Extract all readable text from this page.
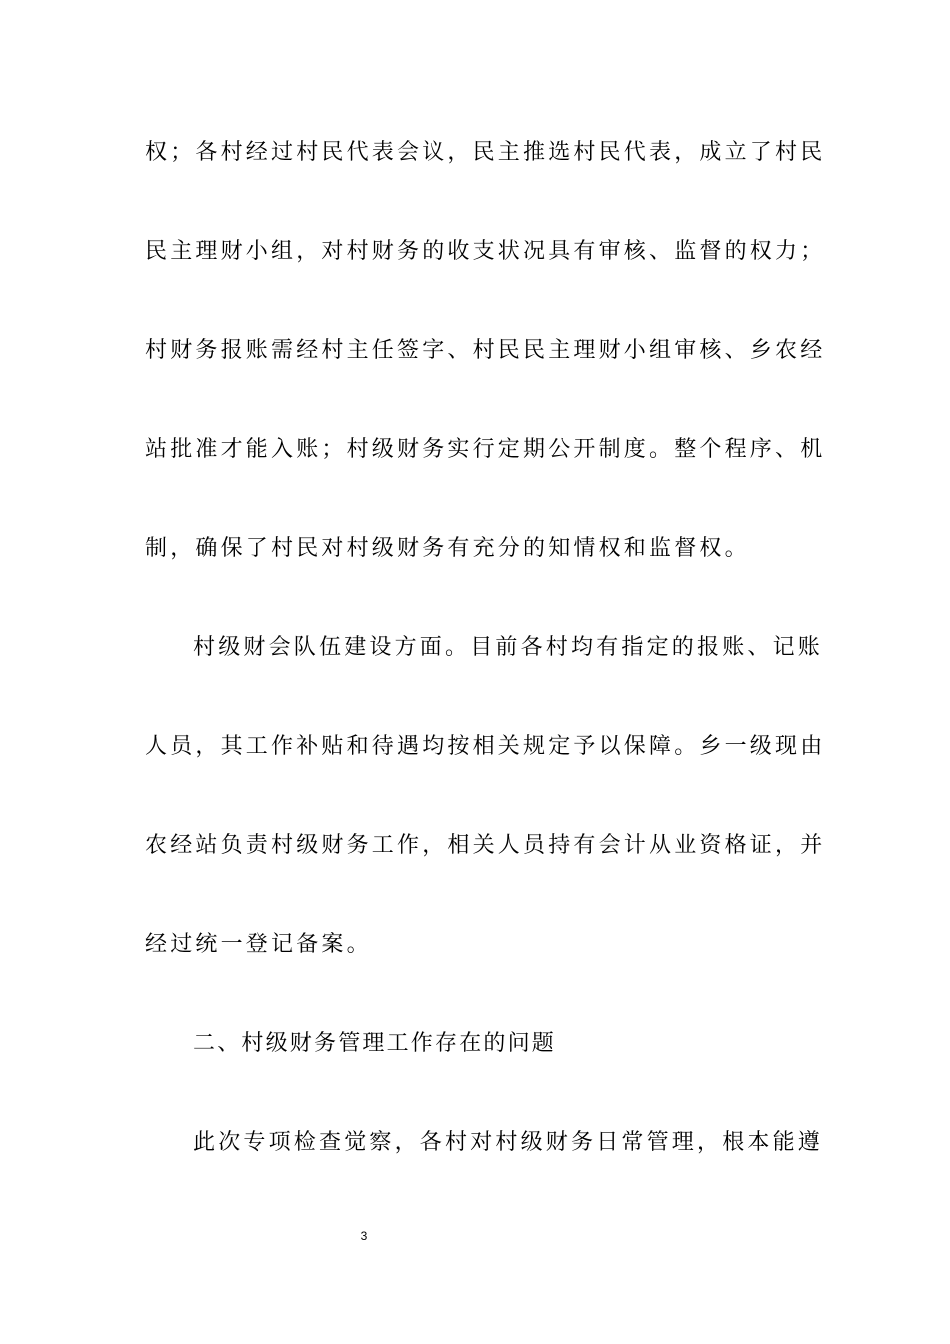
权；各村经过村民代表会议，民主推选村民代表，成立了村民
民主理财小组，对村财务的收支状况具有审核、监督的权力；
村财务报账需经村主任签字、村民民主理财小组审核、乡农经
站批准才能入账；村级财务实行定期公开制度。整个程序、机
制，确保了村民对村级财务有充分的知情权和监督权。
村级财会队伍建设方面。目前各村均有指定的报账、记账
人员，其工作补贴和待遇均按相关规定予以保障。乡一级现由
农经站负责村级财务工作，相关人员持有会计从业资格证，并
经过统一登记备案。
二、村级财务管理工作存在的问题
此次专项检查觉察，各村对村级财务日常管理，根本能遵
3
